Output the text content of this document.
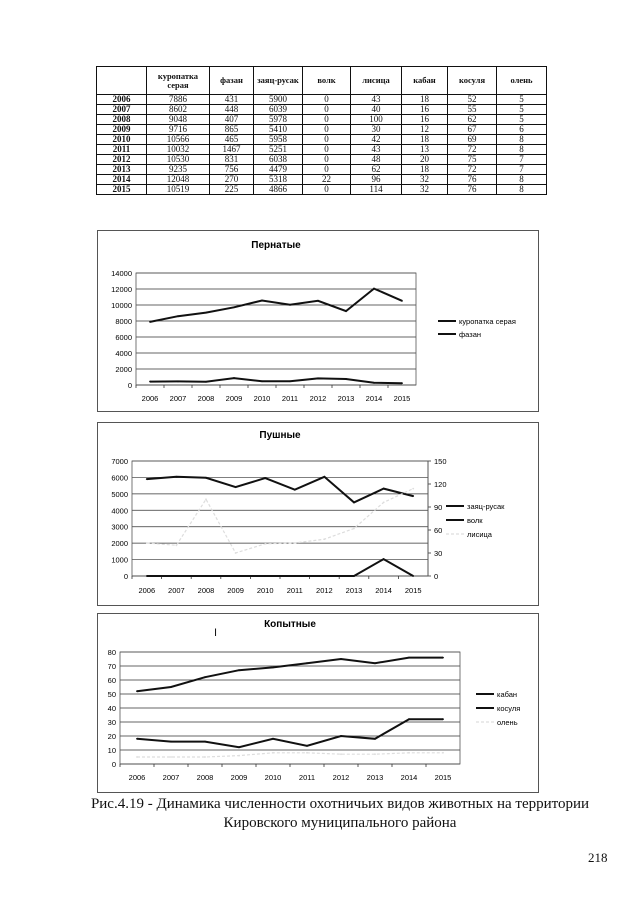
	куропатка серая	фазан	заяц-русак	волк	лисица	кабан	косуля	олень
2006	7886	431	5900	0	43	18	52	5
2007	8602	448	6039	0	40	16	55	5
2008	9048	407	5978	0	100	16	62	5
2009	9716	865	5410	0	30	12	67	6
2010	10566	465	5958	0	42	18	69	8
2011	10032	1467	5251	0	43	13	72	8
2012	10530	831	6038	0	48	20	75	7
2013	9235	756	4479	0	62	18	72	7
2014	12048	270	5318	22	96	32	76	8
2015	10519	225	4866	0	114	32	76	8
Пернатые
0
2000
4000
6000
8000
10000
12000
14000
2006 2007 2008 2009 2010 2011 2012 2013 2014 2015
куропатка серая
фазан
Пушные
0
1000
2000
3000
4000
5000
6000
7000
0
30
60
90
120
150
2006 2007 2008 2009 2010 2011 2012 2013 2014 2015
заяц-русак
волк
лисица
Копытные
0
10
20
30
40
50
60
70
80
2006 2007 2008 2009 2010 2011 2012 2013 2014 2015
кабан
косуля
олень
I
Рис.4.19 - Динамика численности охотничьих видов животных на территории
Кировского муниципального района
218
